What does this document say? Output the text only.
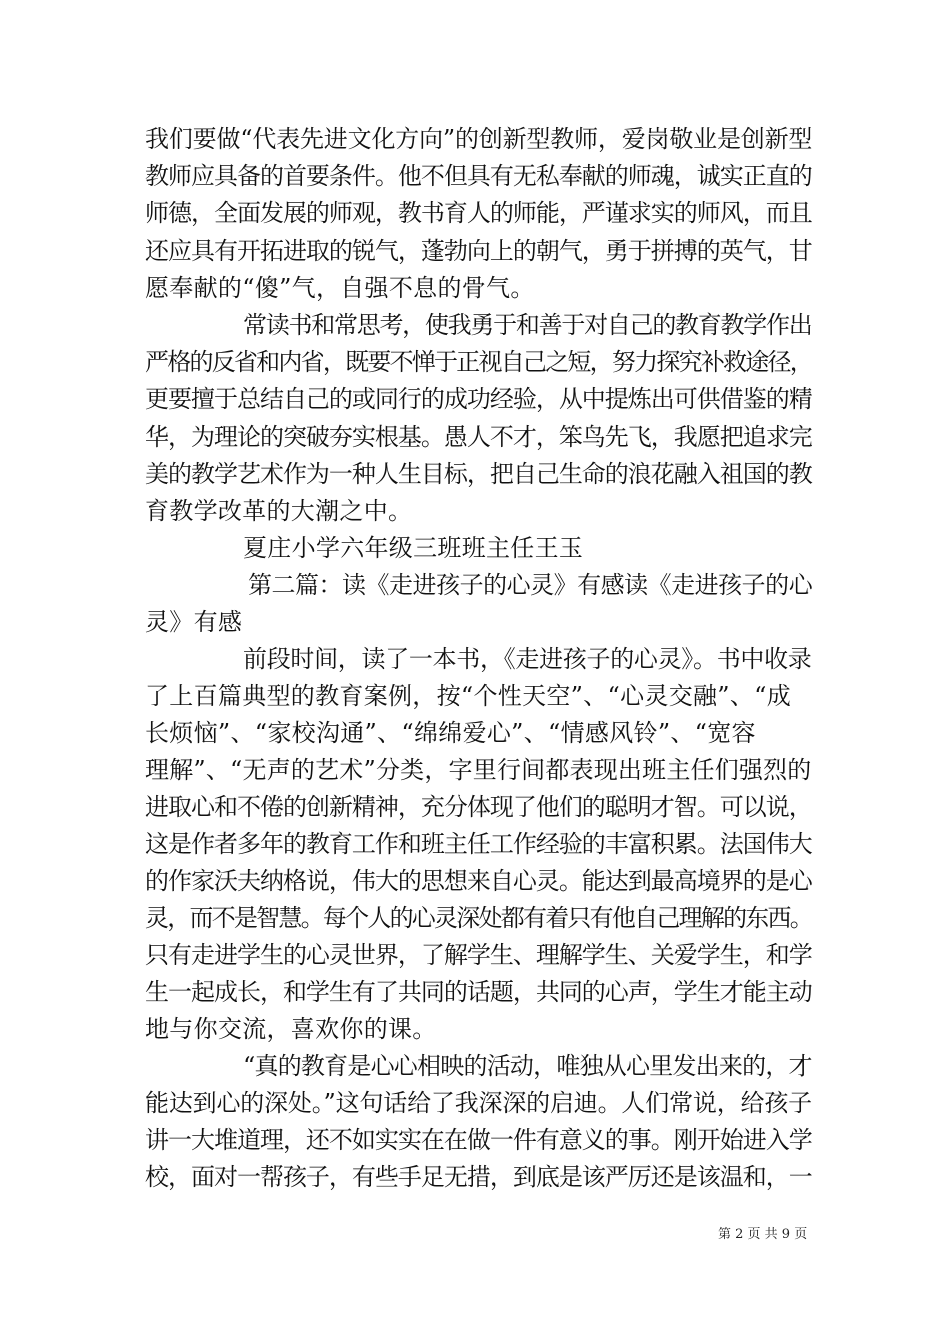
我们要做“代表先进文化方向”的创新型教师，爱岗敬业是创新型
教师应具备的首要条件。他不但具有无私奉献的师魂，诚实正直的
师德，全面发展的师观，教书育人的师能，严谨求实的师风，而且
还应具有开拓进取的锐气，蓬勃向上的朝气，勇于拼搏的英气，甘
愿奉献的“傻”气，自强不息的骨气。
常读书和常思考，使我勇于和善于对自己的教育教学作出
严格的反省和内省，既要不惮于正视自己之短，努力探究补救途径，
更要擅于总结自己的或同行的成功经验，从中提炼出可供借鉴的精
华，为理论的突破夯实根基。愚人不才，笨鸟先飞，我愿把追求完
美的教学艺术作为一种人生目标，把自己生命的浪花融入祖国的教
育教学改革的大潮之中。
夏庄小学六年级三班班主任王玉
第二篇：读《走进孩子的心灵》有感读《走进孩子的心
灵》有感
前段时间，读了一本书，《走进孩子的心灵》。书中收录
了上百篇典型的教育案例，按“个性天空”、“心灵交融”、“成
长烦恼”、“家校沟通”、“绵绵爱心”、“情感风铃”、“宽容
理解”、“无声的艺术”分类，字里行间都表现出班主任们强烈的
进取心和不倦的创新精神，充分体现了他们的聪明才智。可以说，
这是作者多年的教育工作和班主任工作经验的丰富积累。法国伟大
的作家沃夫纳格说，伟大的思想来自心灵。能达到最高境界的是心
灵，而不是智慧。每个人的心灵深处都有着只有他自己理解的东西。
只有走进学生的心灵世界，了解学生、理解学生、关爱学生，和学
生一起成长，和学生有了共同的话题，共同的心声，学生才能主动
地与你交流，喜欢你的课。
“真的教育是心心相映的活动，唯独从心里发出来的，才
能达到心的深处。”这句话给了我深深的启迪。人们常说，给孩子
讲一大堆道理，还不如实实在在做一件有意义的事。刚开始进入学
校，面对一帮孩子，有些手足无措，到底是该严厉还是该温和，一
第 2 页 共 9 页
